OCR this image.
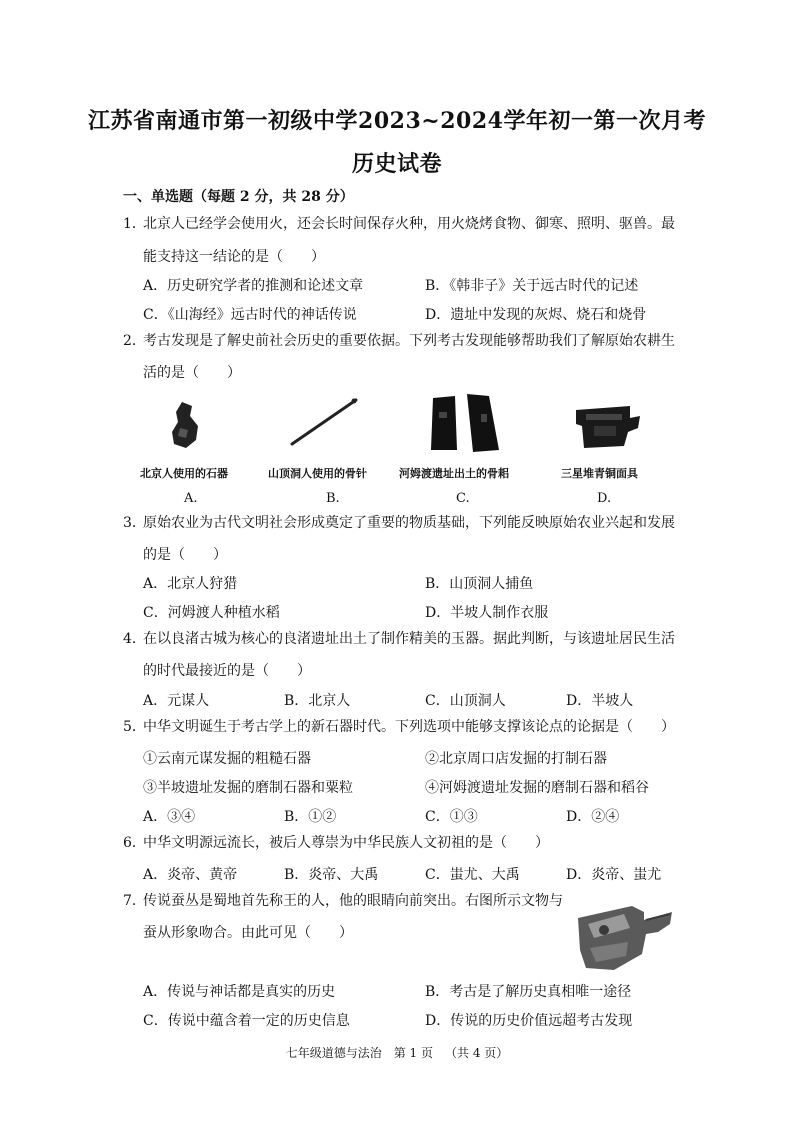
江苏省南通市第一初级中学2023~2024学年初一第一次月考
历史试卷
一、单选题（每题 2 分，共 28 分）
1．北京人已经学会使用火，还会长时间保存火种，用火烧烤食物、御寒、照明、驱兽。最
能支持这一结论的是（　　）
A．历史研究学者的推测和论述文章	B．《韩非子》关于远古时代的记述
C．《山海经》远古时代的神话传说	D．遗址中发现的灰烬、烧石和烧骨
2．考古发现是了解史前社会历史的重要依据。下列考古发现能够帮助我们了解原始农耕生
活的是（　　）
北京人使用的石器	山顶洞人使用的骨针	河姆渡遗址出土的骨耜	三星堆青铜面具
A.	B.	C.	D.
3．原始农业为古代文明社会形成奠定了重要的物质基础，下列能反映原始农业兴起和发展
的是（　　）
A．北京人狩猎	B．山顶洞人捕鱼
C．河姆渡人种植水稻	D．半坡人制作衣服
4．在以良渚古城为核心的良渚遗址出土了制作精美的玉器。据此判断，与该遗址居民生活
的时代最接近的是（　　）
A．元谋人	B．北京人	C．山顶洞人	D．半坡人
5．中华文明诞生于考古学上的新石器时代。下列选项中能够支撑该论点的论据是（　　）
①云南元谋发掘的粗糙石器	②北京周口店发掘的打制石器
③半坡遗址发掘的磨制石器和粟粒	④河姆渡遗址发掘的磨制石器和稻谷
A．③④	B．①②	C．①③	D．②④
6．中华文明源远流长，被后人尊崇为中华民族人文初祖的是（　　）
A．炎帝、黄帝	B．炎帝、大禹	C．蚩尤、大禹	D．炎帝、蚩尤
7．传说蚕丛是蜀地首先称王的人，他的眼睛向前突出。右图所示文物与
蚕从形象吻合。由此可见（　　）
A．传说与神话都是真实的历史	B．考古是了解历史真相唯一途径
C．传说中蕴含着一定的历史信息	D．传说的历史价值远超考古发现
七年级道德与法治 第 1 页 （共 4 页）
